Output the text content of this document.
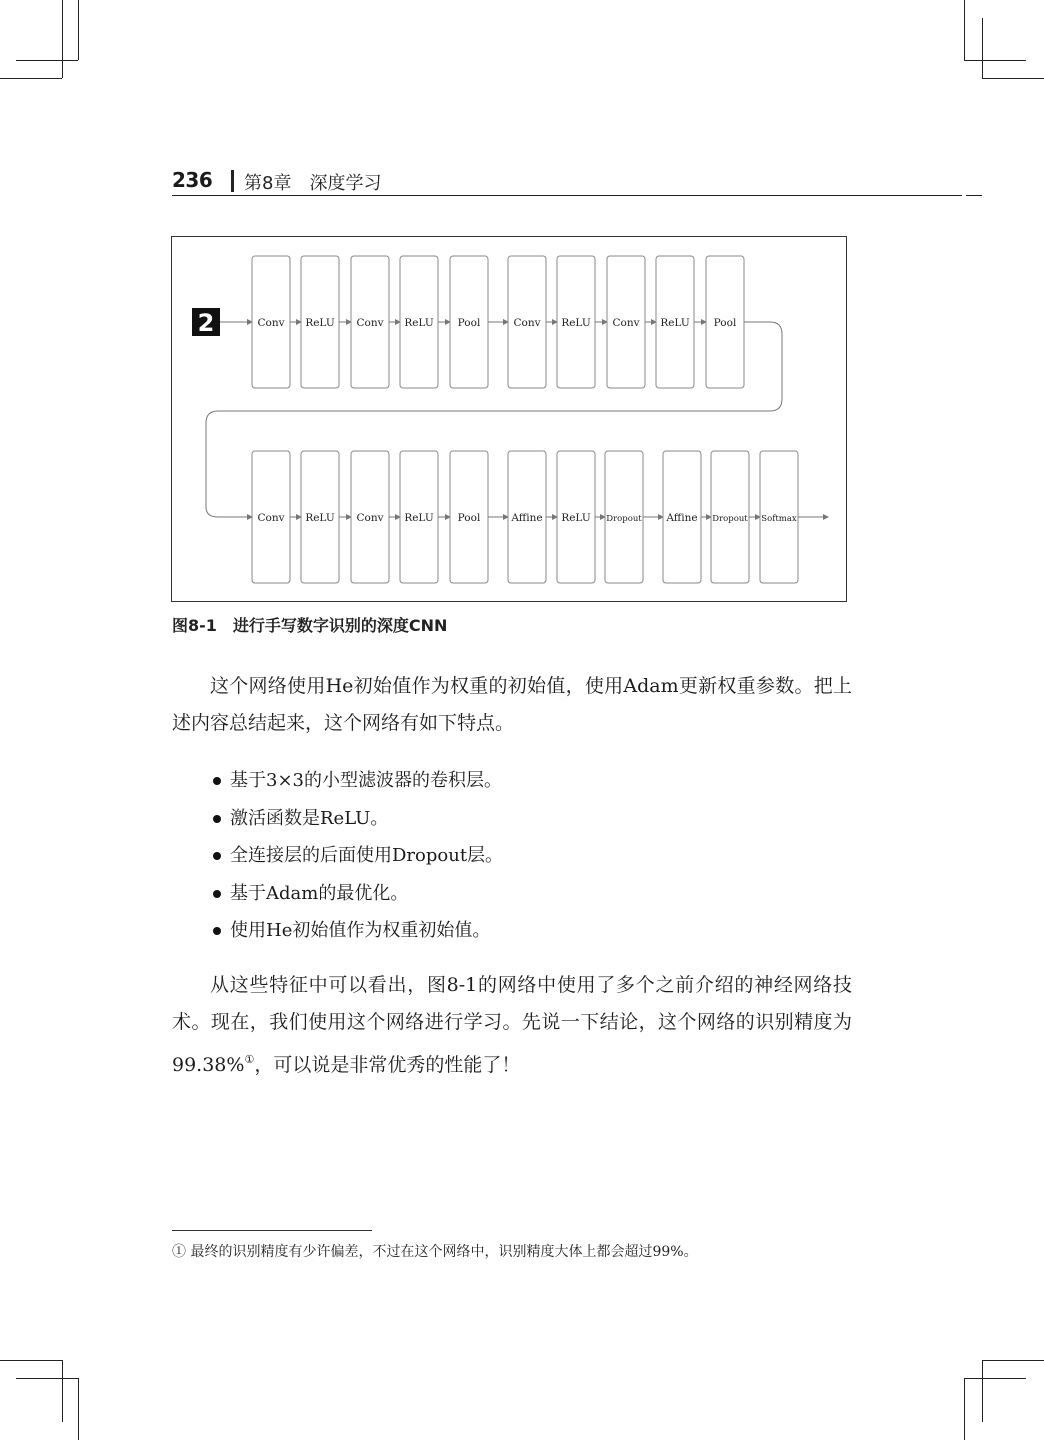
236 第8章　深度学习
2	Conv ReLU Conv ReLU Pool	Conv ReLU Conv ReLU Pool
Conv ReLU Conv ReLU Pool	Affine ReLU Dropout Affine Dropout Softmax
图8-1　进行手写数字识别的深度CNN

这个网络使用He初始值作为权重的初始值，使用Adam更新权重参数。把上述内容总结起来，这个网络有如下特点。

基于3×3的小型滤波器的卷积层。
激活函数是ReLU。
全连接层的后面使用Dropout层。
基于Adam的最优化。
使用He初始值作为权重初始值。

从这些特征中可以看出，图8-1的网络中使用了多个之前介绍的神经网络技术。现在，我们使用这个网络进行学习。先说一下结论，这个网络的识别精度为99.38%①，可以说是非常优秀的性能了！

① 最终的识别精度有少许偏差，不过在这个网络中，识别精度大体上都会超过99%。
